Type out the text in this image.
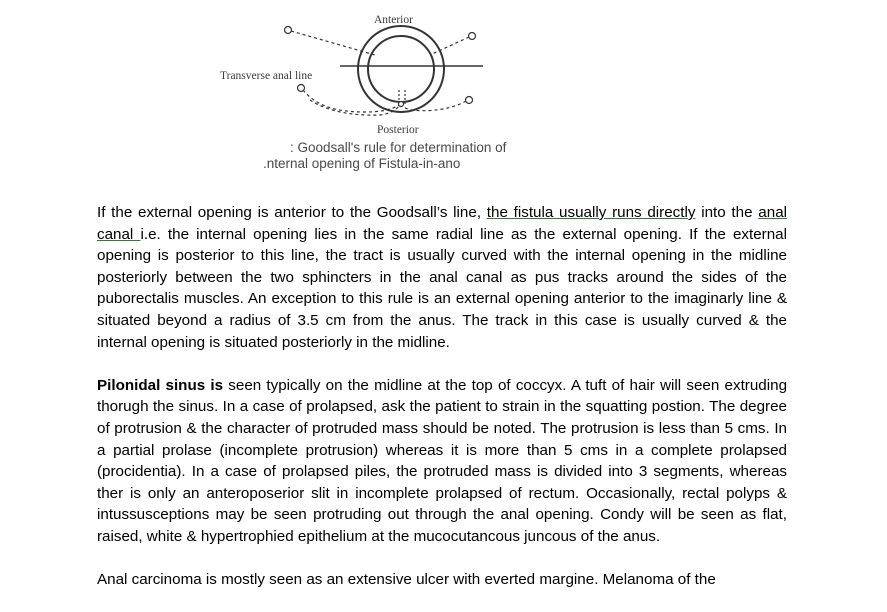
Anterior
Transverse anal line
Posterior
: Goodsall's rule for determination of
.nternal opening of Fistula-in-ano

If the external opening is anterior to the Goodsall’s line, the fistula usually runs directly into the anal canal i.e. the internal opening lies in the same radial line as the external opening. If the external opening is posterior to this line, the tract is usually curved with the internal opening in the midline posteriorly between the two sphincters in the anal canal as pus tracks around the sides of the puborectalis muscles. An exception to this rule is an external opening anterior to the imaginarly line & situated beyond a radius of 3.5 cm from the anus. The track in this case is usually curved & the internal opening is situated posteriorly in the midline.

Pilonidal sinus is seen typically on the midline at the top of coccyx. A tuft of hair will seen extruding thorugh the sinus. In a case of prolapsed, ask the patient to strain in the squatting postion. The degree of protrusion & the character of protruded mass should be noted. The protrusion is less than 5 cms. In a partial prolase (incomplete protrusion) whereas it is more than 5 cms in a complete prolapsed (procidentia). In a case of prolapsed piles, the protruded mass is divided into 3 segments, whereas ther is only an anteroposerior slit in incomplete prolapsed of rectum. Occasionally, rectal polyps & intussusceptions may be seen protruding out through the anal opening. Condy will be seen as flat, raised, white & hypertrophied epithelium at the mucocutancous juncous of the anus.

Anal carcinoma is mostly seen as an extensive ulcer with everted margine. Melanoma of the
